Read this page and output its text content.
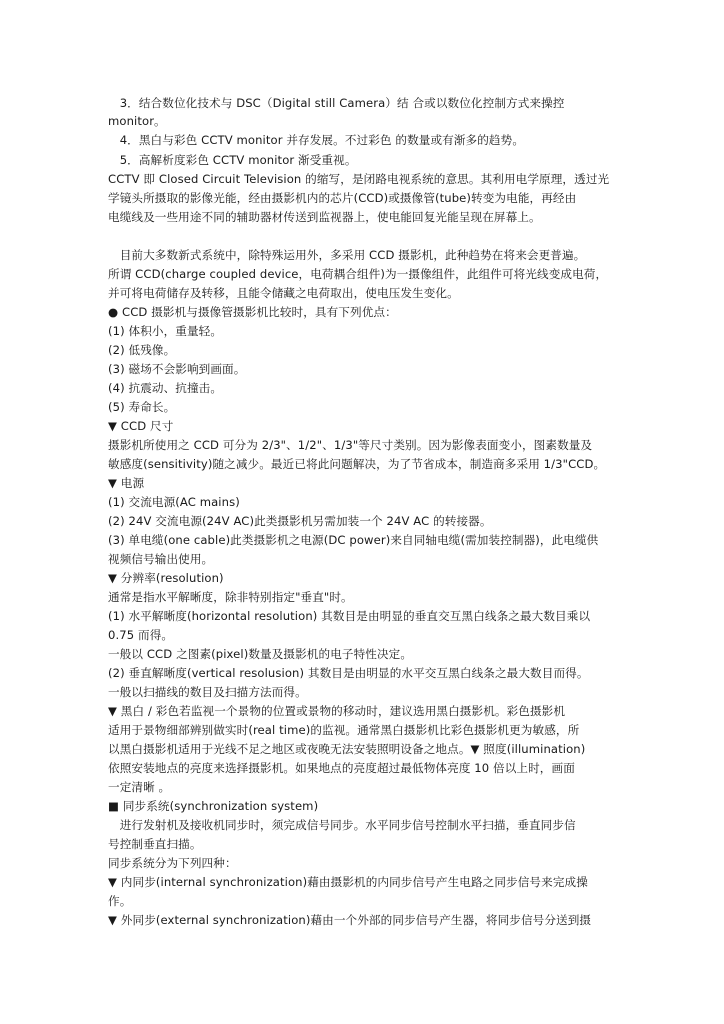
　3．结合数位化技术与 DSC（Digital still Camera）结 合或以数位化控制方式来操控
monitor。
　4．黑白与彩色 CCTV monitor 并存发展。不过彩色 的数量或有渐多的趋势。
　5．高解析度彩色 CCTV monitor 渐受重视。
CCTV 即 Closed Circuit Television 的缩写，是闭路电视系统的意思。其利用电学原理，透过光
学镜头所摄取的影像光能，经由摄影机内的芯片(CCD)或摄像管(tube)转变为电能，再经由
电缆线及一些用途不同的辅助器材传送到监视器上，使电能回复光能呈现在屏幕上。
　目前大多数新式系统中，除特殊运用外，多采用 CCD 摄影机，此种趋势在将来会更普遍。
所谓 CCD(charge coupled device，电荷耦合组件)为一摄像组件，此组件可将光线变成电荷，
并可将电荷储存及转移，且能令储藏之电荷取出，使电压发生变化。
● CCD 摄影机与摄像管摄影机比较时，具有下列优点：
(1) 体积小，重量轻。
(2) 低残像。
(3) 磁场不会影响到画面。
(4) 抗震动、抗撞击。
(5) 寿命长。
▼ CCD 尺寸
摄影机所使用之 CCD 可分为 2/3"、1/2"、1/3"等尺寸类别。因为影像表面变小，图素数量及
敏感度(sensitivity)随之减少。最近已将此问题解决，为了节省成本，制造商多采用 1/3"CCD。
▼ 电源
(1) 交流电源(AC mains)
(2) 24V 交流电源(24V AC)此类摄影机另需加装一个 24V AC 的转接器。
(3) 单电缆(one cable)此类摄影机之电源(DC power)来自同轴电缆(需加装控制器)，此电缆供
视频信号输出使用。
▼ 分辨率(resolution)
通常是指水平解晰度，除非特别指定"垂直"时。
(1) 水平解晰度(horizontal resolution) 其数目是由明显的垂直交互黑白线条之最大数目乘以
0.75 而得。
一般以 CCD 之图素(pixel)数量及摄影机的电子特性决定。
(2) 垂直解晰度(vertical resolusion) 其数目是由明显的水平交互黑白线条之最大数目而得。
一般以扫描线的数目及扫描方法而得。
▼ 黑白 / 彩色若监视一个景物的位置或景物的移动时，建议选用黑白摄影机。彩色摄影机
适用于景物细部辨别做实时(real time)的监视。通常黑白摄影机比彩色摄影机更为敏感，所
以黑白摄影机适用于光线不足之地区或夜晚无法安装照明设备之地点。▼ 照度(illumination)
依照安装地点的亮度来选择摄影机。如果地点的亮度超过最低物体亮度 10 倍以上时，画面
一定清晰 。
■ 同步系统(synchronization system)
　进行发射机及接收机同步时，须完成信号同步。水平同步信号控制水平扫描，垂直同步信
号控制垂直扫描。
同步系统分为下列四种：
▼ 内同步(internal synchronization)藉由摄影机的内同步信号产生电路之同步信号来完成操
作。
▼ 外同步(external synchronization)藉由一个外部的同步信号产生器，将同步信号分送到摄
